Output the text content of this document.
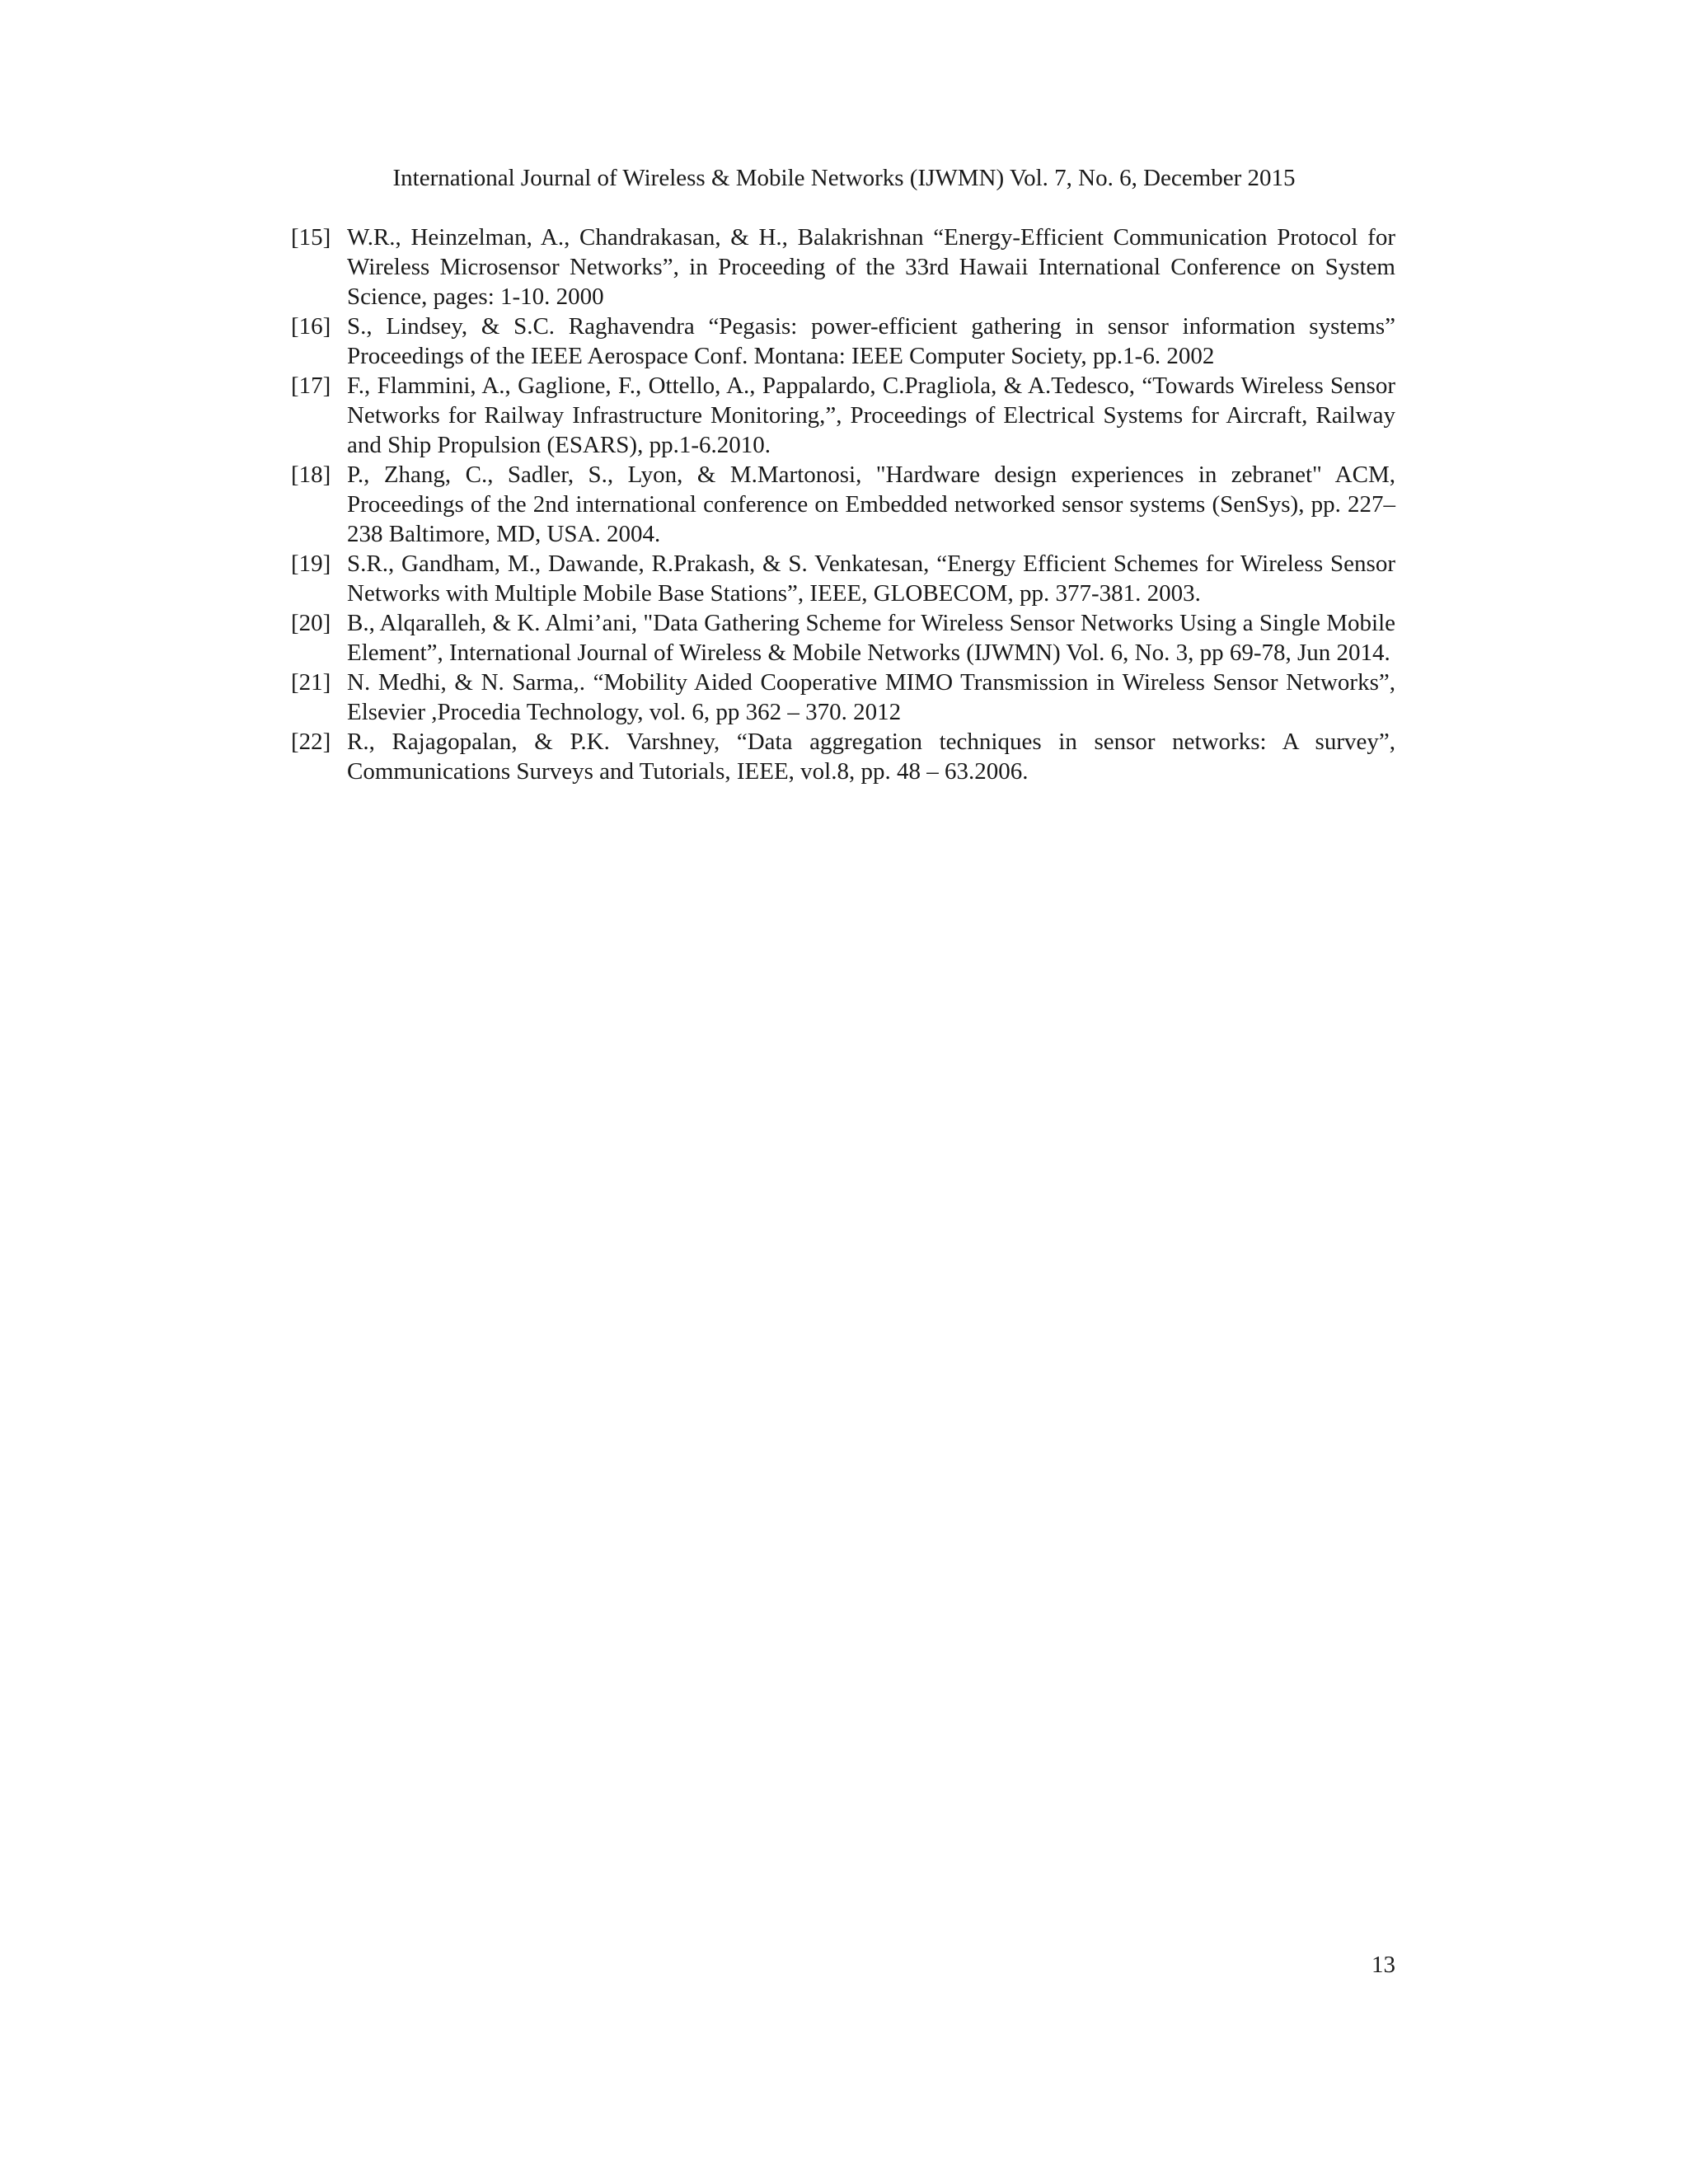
International Journal of Wireless & Mobile Networks (IJWMN) Vol. 7, No. 6, December 2015
[15] W.R., Heinzelman, A., Chandrakasan, & H., Balakrishnan “Energy-Efficient Communication Protocol for Wireless Microsensor Networks”, in Proceeding of the 33rd Hawaii International Conference on System Science, pages: 1-10. 2000
[16] S., Lindsey, & S.C. Raghavendra “Pegasis: power-efficient gathering in sensor information systems” Proceedings of the IEEE Aerospace Conf. Montana: IEEE Computer Society, pp.1-6. 2002
[17] F., Flammini, A., Gaglione, F., Ottello, A., Pappalardo, C.Pragliola, & A.Tedesco, “Towards Wireless Sensor Networks for Railway Infrastructure Monitoring,”, Proceedings of Electrical Systems for Aircraft, Railway and Ship Propulsion (ESARS), pp.1-6.2010.
[18] P., Zhang, C., Sadler, S., Lyon, & M.Martonosi, "Hardware design experiences in zebranet" ACM, Proceedings of the 2nd international conference on Embedded networked sensor systems (SenSys), pp. 227–238 Baltimore, MD, USA. 2004.
[19] S.R., Gandham, M., Dawande, R.Prakash, & S. Venkatesan, “Energy Efficient Schemes for Wireless Sensor Networks with Multiple Mobile Base Stations”, IEEE, GLOBECOM, pp. 377-381. 2003.
[20] B., Alqaralleh, & K. Almi’ani, "Data Gathering Scheme for Wireless Sensor Networks Using a Single Mobile Element”, International Journal of Wireless & Mobile Networks (IJWMN) Vol. 6, No. 3, pp 69-78, Jun 2014.
[21] N. Medhi, & N. Sarma,. “Mobility Aided Cooperative MIMO Transmission in Wireless Sensor Networks”, Elsevier ,Procedia Technology, vol. 6, pp 362 – 370. 2012
[22] R., Rajagopalan, & P.K. Varshney, “Data aggregation techniques in sensor networks: A survey”, Communications Surveys and Tutorials, IEEE, vol.8, pp. 48 – 63.2006.
13
